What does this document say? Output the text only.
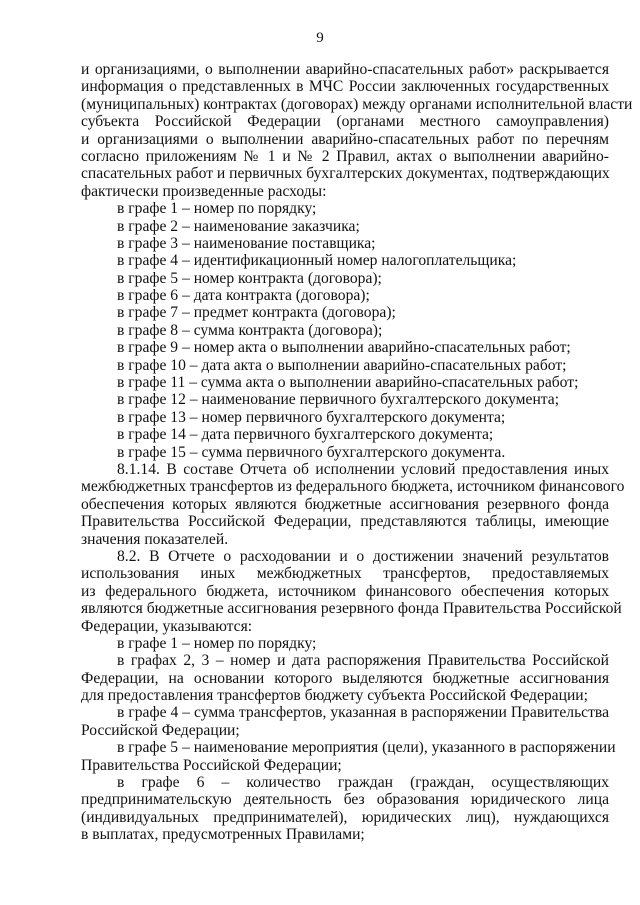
9
и организациями, о выполнении аварийно-спасательных работ» раскрывается
информация о представленных в МЧС России заключенных государственных
(муниципальных) контрактах (договорах) между органами исполнительной власти
субъекта Российской Федерации (органами местного самоуправления)
и организациями о выполнении аварийно-спасательных работ по перечням
согласно приложениям № 1 и № 2 Правил, актах о выполнении аварийно-
спасательных работ и первичных бухгалтерских документах, подтверждающих
фактически произведенные расходы:
в графе 1 – номер по порядку;
в графе 2 – наименование заказчика;
в графе 3 – наименование поставщика;
в графе 4 – идентификационный номер налогоплательщика;
в графе 5 – номер контракта (договора);
в графе 6 – дата контракта (договора);
в графе 7 – предмет контракта (договора);
в графе 8 – сумма контракта (договора);
в графе 9 – номер акта о выполнении аварийно-спасательных работ;
в графе 10 – дата акта о выполнении аварийно-спасательных работ;
в графе 11 – сумма акта о выполнении аварийно-спасательных работ;
в графе 12 – наименование первичного бухгалтерского документа;
в графе 13 – номер первичного бухгалтерского документа;
в графе 14 – дата первичного бухгалтерского документа;
в графе 15 – сумма первичного бухгалтерского документа.
8.1.14. В составе Отчета об исполнении условий предоставления иных
межбюджетных трансфертов из федерального бюджета, источником финансового
обеспечения которых являются бюджетные ассигнования резервного фонда
Правительства Российской Федерации, представляются таблицы, имеющие
значения показателей.
8.2. В Отчете о расходовании и о достижении значений результатов
использования иных межбюджетных трансфертов, предоставляемых
из федерального бюджета, источником финансового обеспечения которых
являются бюджетные ассигнования резервного фонда Правительства Российской
Федерации, указываются:
в графе 1 – номер по порядку;
в графах 2, 3 – номер и дата распоряжения Правительства Российской
Федерации, на основании которого выделяются бюджетные ассигнования
для предоставления трансфертов бюджету субъекта Российской Федерации;
в графе 4 – сумма трансфертов, указанная в распоряжении Правительства
Российской Федерации;
в графе 5 – наименование мероприятия (цели), указанного в распоряжении
Правительства Российской Федерации;
в графе 6 – количество граждан (граждан, осуществляющих
предпринимательскую деятельность без образования юридического лица
(индивидуальных предпринимателей), юридических лиц), нуждающихся
в выплатах, предусмотренных Правилами;
